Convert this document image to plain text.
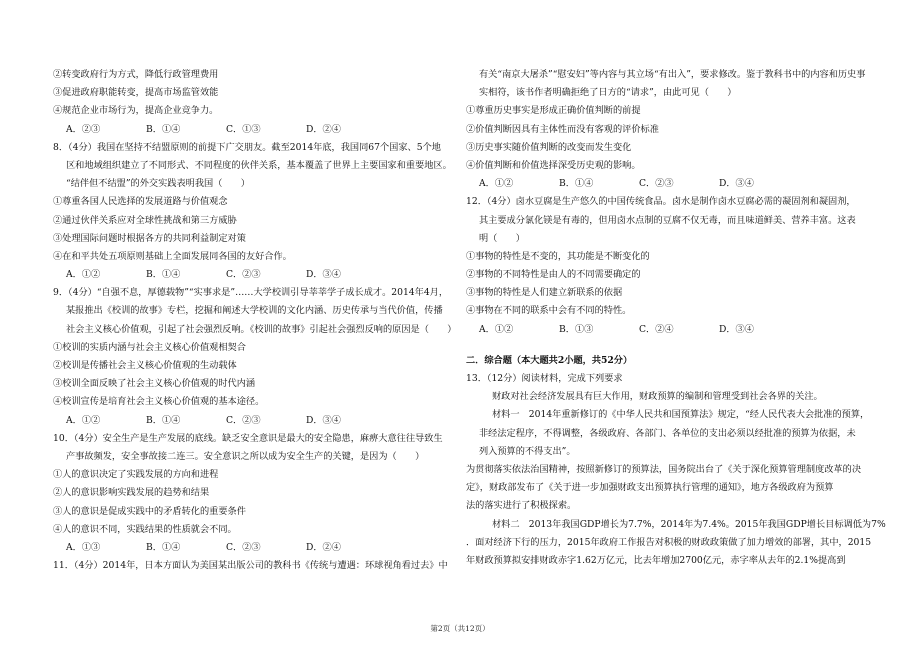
②转变政府行为方式，降低行政管理费用
③促进政府职能转变，提高市场监管效能
④规范企业市场行为，提高企业竞争力。
A．②③	B．①④	C．①③	D．②④
8．（4分）我国在坚持不结盟原则的前提下广交朋友。截至2014年底，我国同67个国家、5个地
区和地域组织建立了不同形式、不同程度的伙伴关系，基本覆盖了世界上主要国家和重要地区。
“结伴但不结盟”的外交实践表明我国（　　）
①尊重各国人民选择的发展道路与价值观念
②通过伙伴关系应对全球性挑战和第三方威胁
③处理国际问题时根据各方的共同利益制定对策
④在和平共处五项原则基础上全面发展同各国的友好合作。
A．①②	B．①④	C．②③	D．③④
9．（4分）“自强不息，厚德载物”“实事求是”……大学校训引导莘莘学子成长成才。2014年4月，
某报推出《校训的故事》专栏，挖掘和阐述大学校训的文化内涵、历史传承与当代价值，传播
社会主义核心价值观，引起了社会强烈反响。《校训的故事》引起社会强烈反响的原因是（　　）
①校训的实质内涵与社会主义核心价值观相契合
②校训是传播社会主义核心价值观的生动载体
③校训全面反映了社会主义核心价值观的时代内涵
④校训宣传是培育社会主义核心价值观的基本途径。
A．①②	B．①④	C．②③	D．③④
10．（4分）安全生产是生产发展的底线。缺乏安全意识是最大的安全隐患，麻痹大意往往导致生
产事故频发，安全事故接二连三。安全意识之所以成为安全生产的关键，是因为（　　）
①人的意识决定了实践发展的方向和进程
②人的意识影响实践发展的趋势和结果
③人的意识是促成实践中的矛盾转化的重要条件
④人的意识不同，实践结果的性质就会不同。
A．①③	B．①④	C．②③	D．②④
11．（4分）2014年，日本方面认为美国某出版公司的教科书《传统与遭遇：环球视角看过去》中
有关“南京大屠杀”“慰安妇”等内容与其立场“有出入”，要求修改。鉴于教科书中的内容和历史事
实相符，该书作者明确拒绝了日方的“请求”，由此可见（　　）
①尊重历史事实是形成正确价值判断的前提
②价值判断因具有主体性而没有客观的评价标准
③历史事实随价值判断的改变而发生变化
④价值判断和价值选择深受历史观的影响。
A．①②	B．①④	C．②③	D．③④
12．（4分）卤水豆腐是生产悠久的中国传统食品。卤水是制作卤水豆腐必需的凝固剂和凝固剂，
其主要成分氯化镁是有毒的，但用卤水点制的豆腐不仅无毒，而且味道鲜美、营养丰富。这表
明（　　）
①事物的特性是不变的，其功能是不断变化的
②事物的不同特性是由人的不同需要确定的
③事物的特性是人们建立新联系的依据
④事物在不同的联系中会有不同的特性。
A．①②	B．①③	C．②④	D．③④
二．综合题（本大题共2小题，共52分）
13．（12分）阅读材料，完成下列要求
财政对社会经济发展具有巨大作用，财政预算的编制和管理受到社会各界的关注。
材料一　2014年重新修订的《中华人民共和国预算法》规定，“经人民代表大会批准的预算，
非经法定程序，不得调整，各级政府、各部门、各单位的支出必须以经批准的预算为依据，未
列入预算的不得支出”。
为贯彻落实依法治国精神，按照新修订的预算法，国务院出台了《关于深化预算管理制度改革的决
定》，财政部发布了《关于进一步加强财政支出预算执行管理的通知》，地方各级政府为预算
法的落实进行了积极探索。
材料二　2013年我国GDP增长为7.7%，2014年为7.4%。2015年我国GDP增长目标调低为7%
．面对经济下行的压力，2015年政府工作报告对积极的财政政策做了加力增效的部署，其中，2015
年财政预算拟安排财政赤字1.62万亿元，比去年增加2700亿元，赤字率从去年的2.1%提高到
第2页（共12页）
